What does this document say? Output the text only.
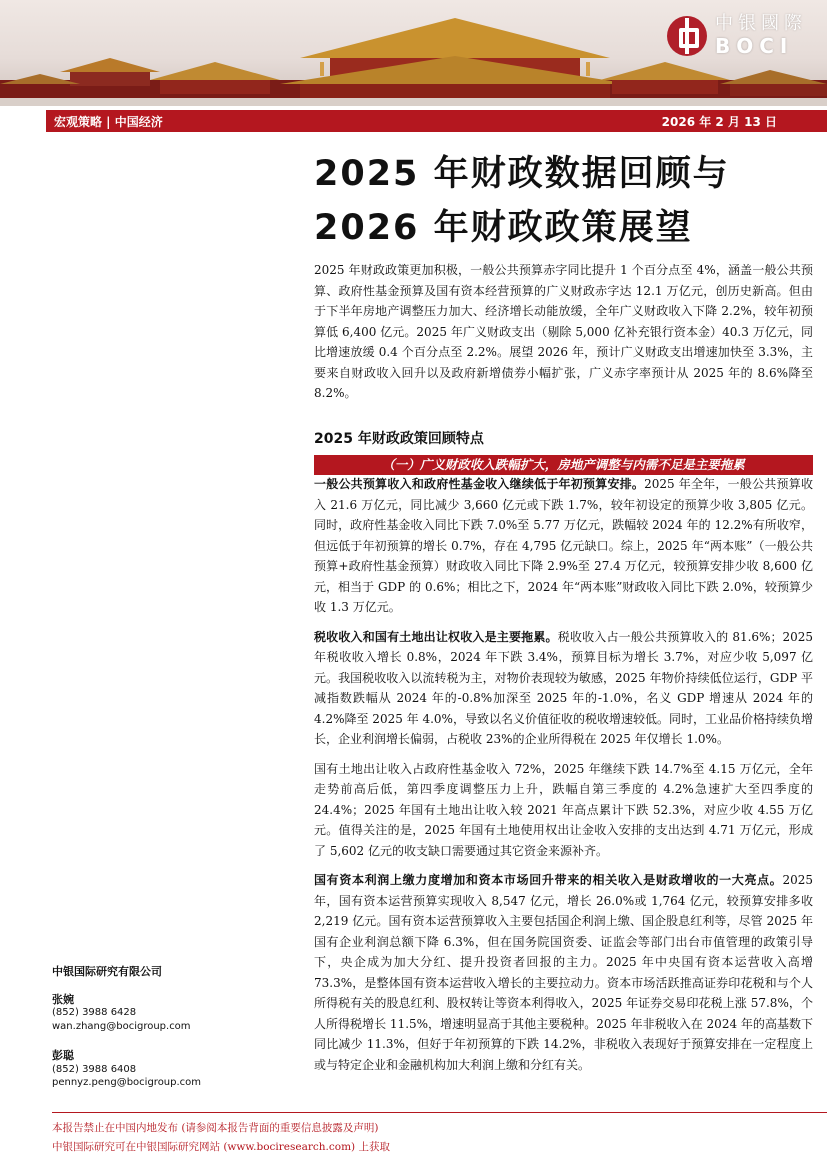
中银國際
BOCI
宏观策略 | 中国经济	2026 年 2 月 13 日
2025 年财政数据回顾与
2026 年财政政策展望
2025 年财政政策更加积极，一般公共预算赤字同比提升 1 个百分点至 4%，涵盖一般公共预算、政府性基金预算及国有资本经营预算的广义财政赤字达 12.1 万亿元，创历史新高。但由于下半年房地产调整压力加大、经济增长动能放缓，全年广义财政收入下降 2.2%，较年初预算低 6,400 亿元。2025 年广义财政支出（剔除 5,000 亿补充银行资本金）40.3 万亿元，同比增速放缓 0.4 个百分点至 2.2%。展望 2026 年，预计广义财政支出增速加快至 3.3%，主要来自财政收入回升以及政府新增债券小幅扩张，广义赤字率预计从 2025 年的 8.6%降至 8.2%。
2025 年财政政策回顾特点
（一）广义财政收入跌幅扩大，房地产调整与内需不足是主要拖累

一般公共预算收入和政府性基金收入继续低于年初预算安排。2025 年全年，一般公共预算收入 21.6 万亿元，同比减少 3,660 亿元或下跌 1.7%，较年初设定的预算少收 3,805 亿元。同时，政府性基金收入同比下跌 7.0%至 5.77 万亿元，跌幅较 2024 年的 12.2%有所收窄，但远低于年初预算的增长 0.7%，存在 4,795 亿元缺口。综上，2025 年“两本账”（一般公共预算+政府性基金预算）财政收入同比下降 2.9%至 27.4 万亿元，较预算安排少收 8,600 亿元，相当于 GDP 的 0.6%；相比之下，2024 年“两本账”财政收入同比下跌 2.0%，较预算少收 1.3 万亿元。

税收收入和国有土地出让权收入是主要拖累。税收收入占一般公共预算收入的 81.6%；2025 年税收收入增长 0.8%，2024 年下跌 3.4%，预算目标为增长 3.7%，对应少收 5,097 亿元。我国税收收入以流转税为主，对物价表现较为敏感，2025 年物价持续低位运行，GDP 平减指数跌幅从 2024 年的-0.8%加深至 2025 年的-1.0%，名义 GDP 增速从 2024 年的 4.2%降至 2025 年 4.0%，导致以名义价值征收的税收增速较低。同时，工业品价格持续负增长，企业利润增长偏弱，占税收 23%的企业所得税在 2025 年仅增长 1.0%。

国有土地出让收入占政府性基金收入 72%，2025 年继续下跌 14.7%至 4.15 万亿元，全年走势前高后低，第四季度调整压力上升，跌幅自第三季度的 4.2%急速扩大至四季度的 24.4%；2025 年国有土地出让收入较 2021 年高点累计下跌 52.3%，对应少收 4.55 万亿元。值得关注的是，2025 年国有土地使用权出让金收入安排的支出达到 4.71 万亿元，形成了 5,602 亿元的收支缺口需要通过其它资金来源补齐。

国有资本利润上缴力度增加和资本市场回升带来的相关收入是财政增收的一大亮点。2025 年，国有资本运营预算实现收入 8,547 亿元，增长 26.0%或 1,764 亿元，较预算安排多收 2,219 亿元。国有资本运营预算收入主要包括国企利润上缴、国企股息红利等，尽管 2025 年国有企业利润总额下降 6.3%，但在国务院国资委、证监会等部门出台市值管理的政策引导下，央企成为加大分红、提升投资者回报的主力。2025 年中央国有资本运营收入高增 73.3%，是整体国有资本运营收入增长的主要拉动力。资本市场活跃推高证券印花税和与个人所得税有关的股息红利、股权转让等资本利得收入，2025 年证券交易印花税上涨 57.8%，个人所得税增长 11.5%，增速明显高于其他主要税种。2025 年非税收入在 2024 年的高基数下同比减少 11.3%，但好于年初预算的下跌 14.2%，非税收入表现好于预算安排在一定程度上或与特定企业和金融机构加大利润上缴和分红有关。

中银国际研究有限公司
张婉
(852) 3988 6428
wan.zhang@bocigroup.com
彭聪
(852) 3988 6408
pennyz.peng@bocigroup.com
本报告禁止在中国内地发布 (请参阅本报告背面的重要信息披露及声明)
中银国际研究可在中银国际研究网站 (www.bociresearch.com) 上获取
